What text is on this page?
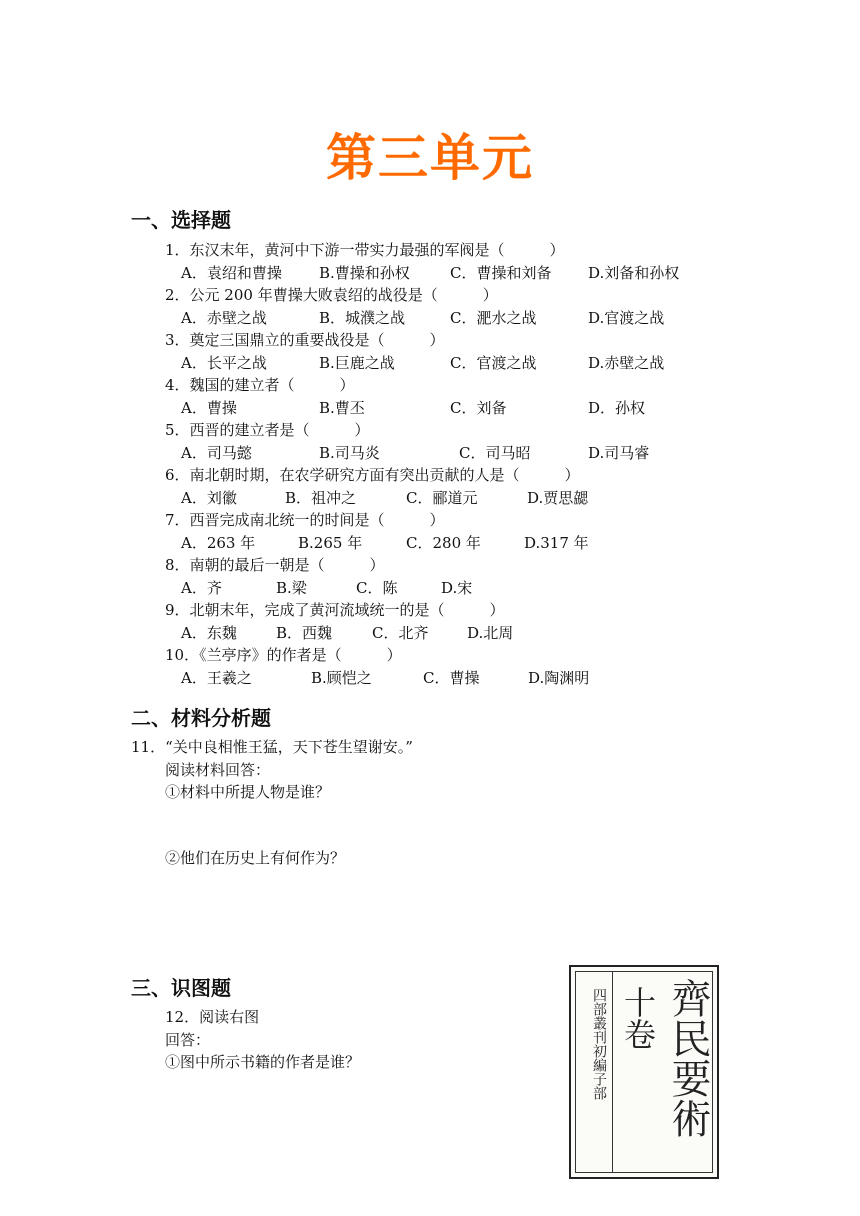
第三单元
一、选择题
1．东汉末年，黄河中下游一带实力最强的军阀是（　　　）
A．袁绍和曹操 B.曹操和孙权	C．曹操和刘备 D.刘备和孙权
2．公元 200 年曹操大败袁绍的战役是（　　　）
A．赤壁之战	B．城濮之战	C．淝水之战	D.官渡之战
3．奠定三国鼎立的重要战役是（　　　）
A．长平之战	B.巨鹿之战	C．官渡之战	D.赤壁之战
4．魏国的建立者（　　　）
A．曹操	B.曹丕	C．刘备	D．孙权
5．西晋的建立者是（　　　）
A．司马懿	B.司马炎	C．司马昭	D.司马睿
6．南北朝时期，在农学研究方面有突出贡献的人是（　　　）
A．刘徽	B．祖冲之	C．郦道元	D.贾思勰
7．西晋完成南北统一的时间是（　　　）
A．263 年	B.265 年	C．280 年	D.317 年
8．南朝的最后一朝是（　　　）
A．齐	B.梁	C．陈	D.宋
9．北朝末年，完成了黄河流域统一的是（　　　）
A．东魏	B．西魏	C．北齐	D.北周
10．《兰亭序》的作者是（　　　）
A．王羲之	B.顾恺之	C．曹操	D.陶渊明
二、材料分析题
11．“关中良相惟王猛，天下苍生望谢安。”
阅读材料回答：
①材料中所提人物是谁？
②他们在历史上有何作为？
三、识图题
12．阅读右图
回答：
①图中所示书籍的作者是谁？	四部叢刊初編子部 十卷 齊民要術
